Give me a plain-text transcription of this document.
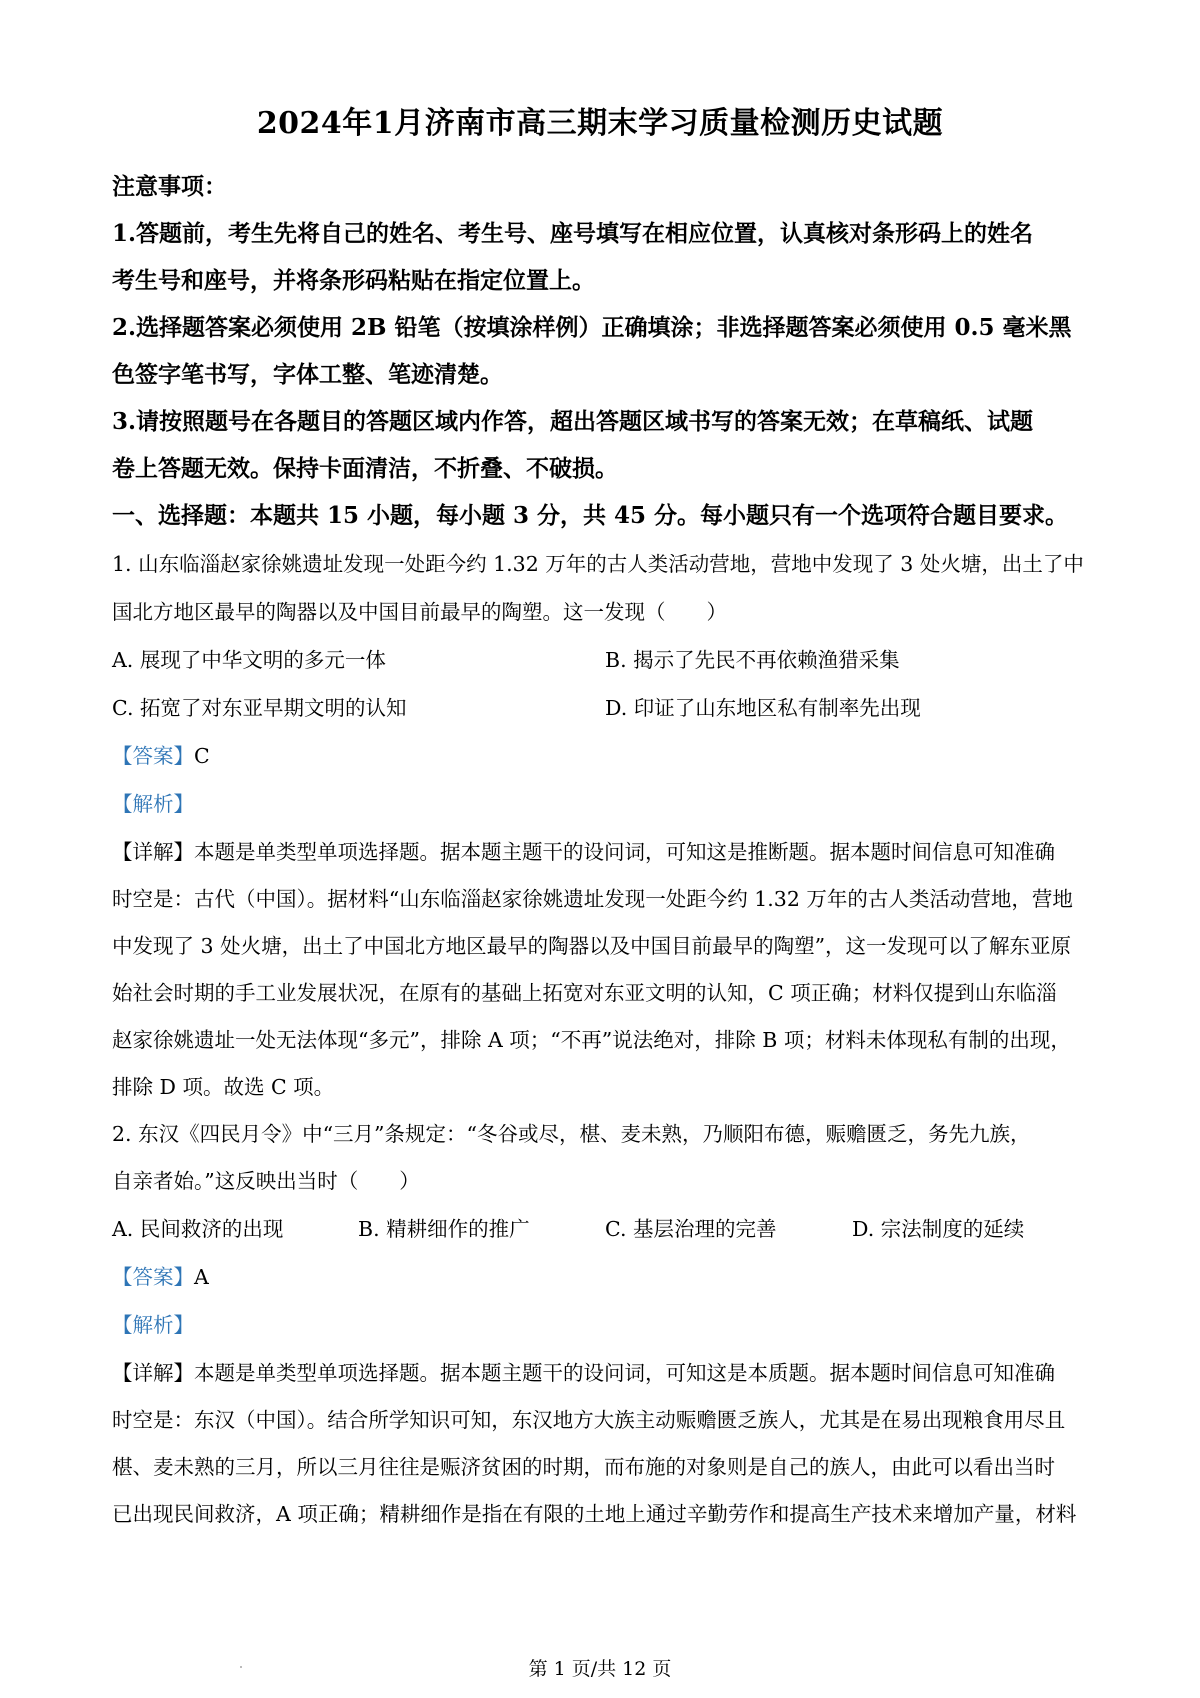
2024年1月济南市高三期末学习质量检测历史试题
注意事项：
1.答题前，考生先将自己的姓名、考生号、座号填写在相应位置，认真核对条形码上的姓名
考生号和座号，并将条形码粘贴在指定位置上。
2.选择题答案必须使用 2B 铅笔（按填涂样例）正确填涂；非选择题答案必须使用 0.5 毫米黑
色签字笔书写，字体工整、笔迹清楚。
3.请按照题号在各题目的答题区域内作答，超出答题区域书写的答案无效；在草稿纸、试题
卷上答题无效。保持卡面清洁，不折叠、不破损。
一、选择题：本题共 15 小题，每小题 3 分，共 45 分。每小题只有一个选项符合题目要求。
1. 山东临淄赵家徐姚遗址发现一处距今约 1.32 万年的古人类活动营地，营地中发现了 3 处火塘，出土了中
国北方地区最早的陶器以及中国目前最早的陶塑。这一发现（　　）
A. 展现了中华文明的多元一体	B. 揭示了先民不再依赖渔猎采集
C. 拓宽了对东亚早期文明的认知	D. 印证了山东地区私有制率先出现
【答案】C
【解析】
【详解】本题是单类型单项选择题。据本题主题干的设问词，可知这是推断题。据本题时间信息可知准确
时空是：古代（中国）。据材料“山东临淄赵家徐姚遗址发现一处距今约 1.32 万年的古人类活动营地，营地
中发现了 3 处火塘，出土了中国北方地区最早的陶器以及中国目前最早的陶塑”，这一发现可以了解东亚原
始社会时期的手工业发展状况，在原有的基础上拓宽对东亚文明的认知，C 项正确；材料仅提到山东临淄
赵家徐姚遗址一处无法体现“多元”，排除 A 项；“不再”说法绝对，排除 B 项；材料未体现私有制的出现，
排除 D 项。故选 C 项。
2. 东汉《四民月令》中“三月”条规定：“冬谷或尽，椹、麦未熟，乃顺阳布德，赈赡匮乏，务先九族，
自亲者始。”这反映出当时（　　）
A. 民间救济的出现	B. 精耕细作的推广	C. 基层治理的完善	D. 宗法制度的延续
【答案】A
【解析】
【详解】本题是单类型单项选择题。据本题主题干的设问词，可知这是本质题。据本题时间信息可知准确
时空是：东汉（中国）。结合所学知识可知，东汉地方大族主动赈赡匮乏族人，尤其是在易出现粮食用尽且
椹、麦未熟的三月，所以三月往往是赈济贫困的时期，而布施的对象则是自己的族人，由此可以看出当时
已出现民间救济，A 项正确；精耕细作是指在有限的土地上通过辛勤劳作和提高生产技术来增加产量，材料
第 1 页/共 12 页
